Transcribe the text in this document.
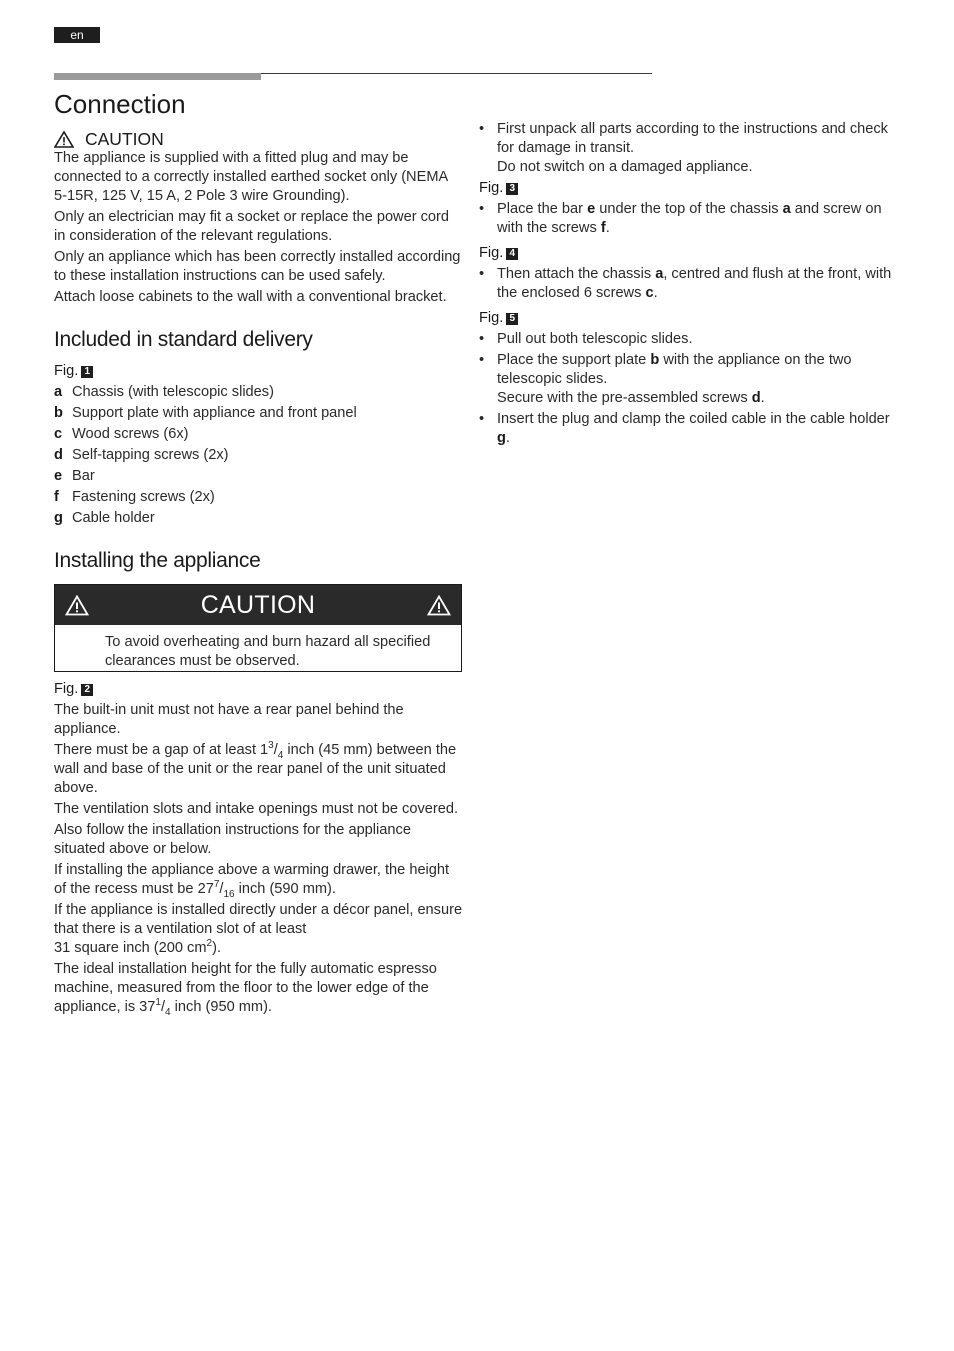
en
Connection
CAUTION

The appliance is supplied with a fitted plug and may be connected to a correctly installed earthed socket only (NEMA 5-15R, 125 V, 15 A, 2 Pole 3 wire Grounding).

Only an electrician may fit a socket or replace the power cord in consideration of the relevant regulations.

Only an appliance which has been correctly installed according to these installation instructions can be used safely.

Attach loose cabinets to the wall with a conventional bracket.

Included in standard delivery
Fig. 1
a Chassis (with telescopic slides)
b Support plate with appliance and front panel
c Wood screws (6x)
d Self-tapping screws (2x)
e Bar
f Fastening screws (2x)
g Cable holder
Installing the appliance
CAUTION
To avoid overheating and burn hazard all specified clearances must be observed.
Fig. 2

The built-in unit must not have a rear panel behind the appliance.

There must be a gap of at least $1^3/_4$ inch (45 mm) between the wall and base of the unit or the rear panel of the unit situated above.

The ventilation slots and intake openings must not be covered.

Also follow the installation instructions for the appliance situated above or below.

If installing the appliance above a warming drawer, the height of the recess must be $27^7/_{16}$ inch (590 mm).

If the appliance is installed directly under a décor panel, ensure that there is a ventilation slot of at least
31 square inch (200 $cm^2$).

The ideal installation height for the fully automatic espresso machine, measured from the floor to the lower edge of the appliance, is $37^1/_4$ inch (950 mm).

• First unpack all parts according to the instructions and check for damage in transit.
Do not switch on a damaged appliance.
Fig. 3
• Place the bar e under the top of the chassis a and screw on with the screws f.
Fig. 4
• Then attach the chassis a, centred and flush at the front, with the enclosed 6 screws c.
Fig. 5
• Pull out both telescopic slides.
• Place the support plate b with the appliance on the two telescopic slides.
Secure with the pre-assembled screws d.
• Insert the plug and clamp the coiled cable in the cable holder g.
